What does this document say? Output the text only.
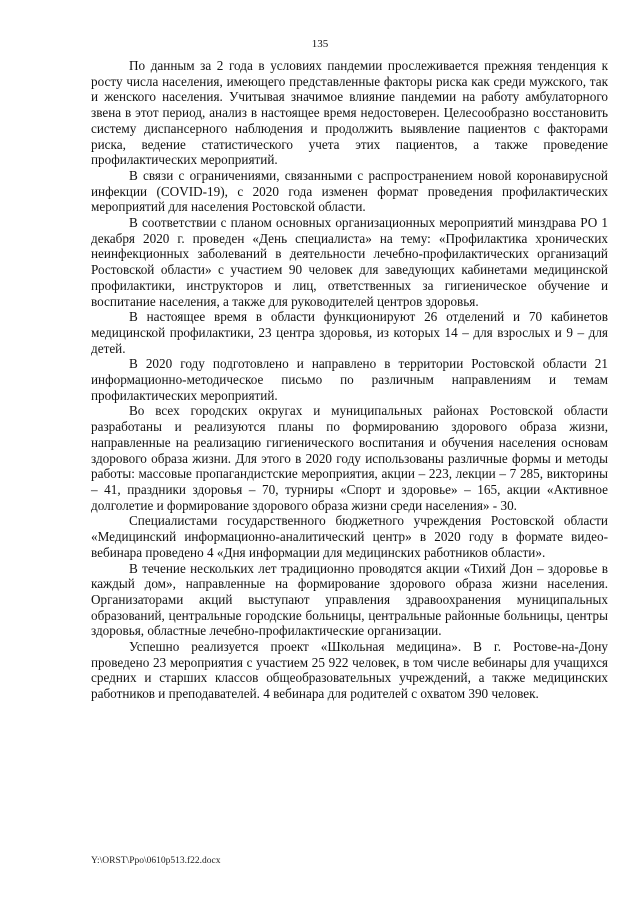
135

По данным за 2 года в условиях пандемии прослеживается прежняя тенденция к росту числа населения, имеющего представленные факторы риска как среди мужского, так и женского населения. Учитывая значимое влияние пандемии на работу амбулаторного звена в этот период, анализ в настоящее время недостоверен. Целесообразно восстановить систему диспансерного наблюдения и продолжить выявление пациентов с факторами риска, ведение статистического учета этих пациентов, а также проведение профилактических мероприятий.

В связи с ограничениями, связанными с распространением новой коронавирусной инфекции (COVID-19), с 2020 года изменен формат проведения профилактических мероприятий для населения Ростовской области.

В соответствии с планом основных организационных мероприятий минздрава РО 1 декабря 2020 г. проведен «День специалиста» на тему: «Профилактика хронических неинфекционных заболеваний в деятельности лечебно-профилактических организаций Ростовской области» с участием 90 человек для заведующих кабинетами медицинской профилактики, инструкторов и лиц, ответственных за гигиеническое обучение и воспитание населения, а также для руководителей центров здоровья.

В настоящее время в области функционируют 26 отделений и 70 кабинетов медицинской профилактики, 23 центра здоровья, из которых 14 – для взрослых и 9 – для детей.

В 2020 году подготовлено и направлено в территории Ростовской области 21 информационно-методическое письмо по различным направлениям и темам профилактических мероприятий.

Во всех городских округах и муниципальных районах Ростовской области разработаны и реализуются планы по формированию здорового образа жизни, направленные на реализацию гигиенического воспитания и обучения населения основам здорового образа жизни. Для этого в 2020 году использованы различные формы и методы работы: массовые пропагандистские мероприятия, акции – 223, лекции – 7 285, викторины – 41, праздники здоровья – 70, турниры «Спорт и здоровье» – 165, акции «Активное долголетие и формирование здорового образа жизни среди населения» - 30.

Специалистами государственного бюджетного учреждения Ростовской области «Медицинский информационно-аналитический центр» в 2020 году в формате видео-вебинара проведено 4 «Дня информации для медицинских работников области».

В течение нескольких лет традиционно проводятся акции «Тихий Дон – здоровье в каждый дом», направленные на формирование здорового образа жизни населения. Организаторами акций выступают управления здравоохранения муниципальных образований, центральные городские больницы, центральные районные больницы, центры здоровья, областные лечебно-профилактические организации.

Успешно реализуется проект «Школьная медицина». В г. Ростове-на-Дону проведено 23 мероприятия с участием 25 922 человек, в том числе вебинары для учащихся средних и старших классов общеобразовательных учреждений, а также медицинских работников и преподавателей. 4 вебинара для родителей с охватом 390 человек.

Y:\ORST\Ppo\0610p513.f22.docx
